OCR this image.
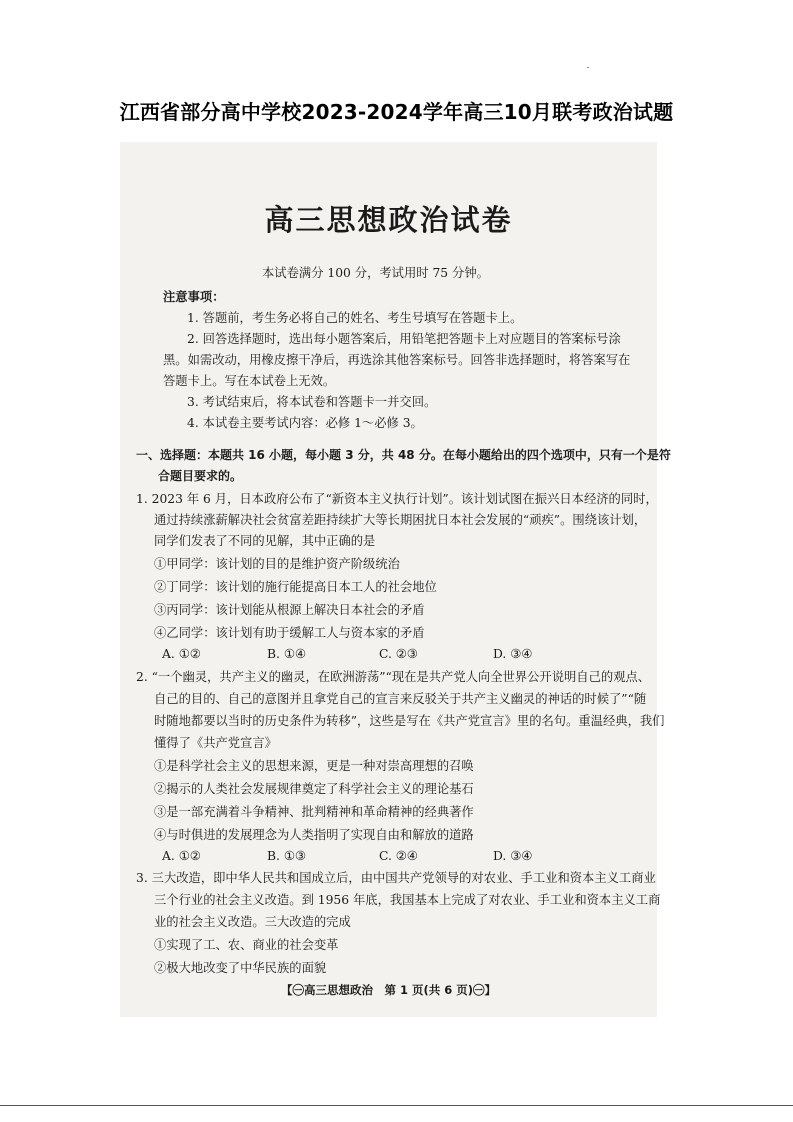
江西省部分高中学校2023-2024学年高三10月联考政治试题
高三思想政治试卷
本试卷满分 100 分，考试用时 75 分钟。
注意事项：
1. 答题前，考生务必将自己的姓名、考生号填写在答题卡上。
2. 回答选择题时，选出每小题答案后，用铅笔把答题卡上对应题目的答案标号涂
黑。如需改动，用橡皮擦干净后，再选涂其他答案标号。回答非选择题时，将答案写在
答题卡上。写在本试卷上无效。
3. 考试结束后，将本试卷和答题卡一并交回。
4. 本试卷主要考试内容：必修 1～必修 3。
一、选择题：本题共 16 小题，每小题 3 分，共 48 分。在每小题给出的四个选项中，只有一个是符
合题目要求的。
1. 2023 年 6 月，日本政府公布了“新资本主义执行计划”。该计划试图在振兴日本经济的同时，
通过持续涨薪解决社会贫富差距持续扩大等长期困扰日本社会发展的“顽疾”。围绕该计划，
同学们发表了不同的见解，其中正确的是
①甲同学：该计划的目的是维护资产阶级统治
②丁同学：该计划的施行能提高日本工人的社会地位
③丙同学：该计划能从根源上解决日本社会的矛盾
④乙同学：该计划有助于缓解工人与资本家的矛盾
A. ①②	B. ①④	C. ②③	D. ③④
2. “一个幽灵，共产主义的幽灵，在欧洲游荡”“现在是共产党人向全世界公开说明自己的观点、
自己的目的、自己的意图并且拿党自己的宣言来反驳关于共产主义幽灵的神话的时候了”“随
时随地都要以当时的历史条件为转移”，这些是写在《共产党宣言》里的名句。重温经典，我们
懂得了《共产党宣言》
①是科学社会主义的思想来源，更是一种对崇高理想的召唤
②揭示的人类社会发展规律奠定了科学社会主义的理论基石
③是一部充满着斗争精神、批判精神和革命精神的经典著作
④与时俱进的发展理念为人类指明了实现自由和解放的道路
A. ①②	B. ①③	C. ②④	D. ③④
3. 三大改造，即中华人民共和国成立后，由中国共产党领导的对农业、手工业和资本主义工商业
三个行业的社会主义改造。到 1956 年底，我国基本上完成了对农业、手工业和资本主义工商
业的社会主义改造。三大改造的完成
①实现了工、农、商业的社会变革
②极大地改变了中华民族的面貌
【㊀高三思想政治　第 1 页(共 6 页)㊀】
